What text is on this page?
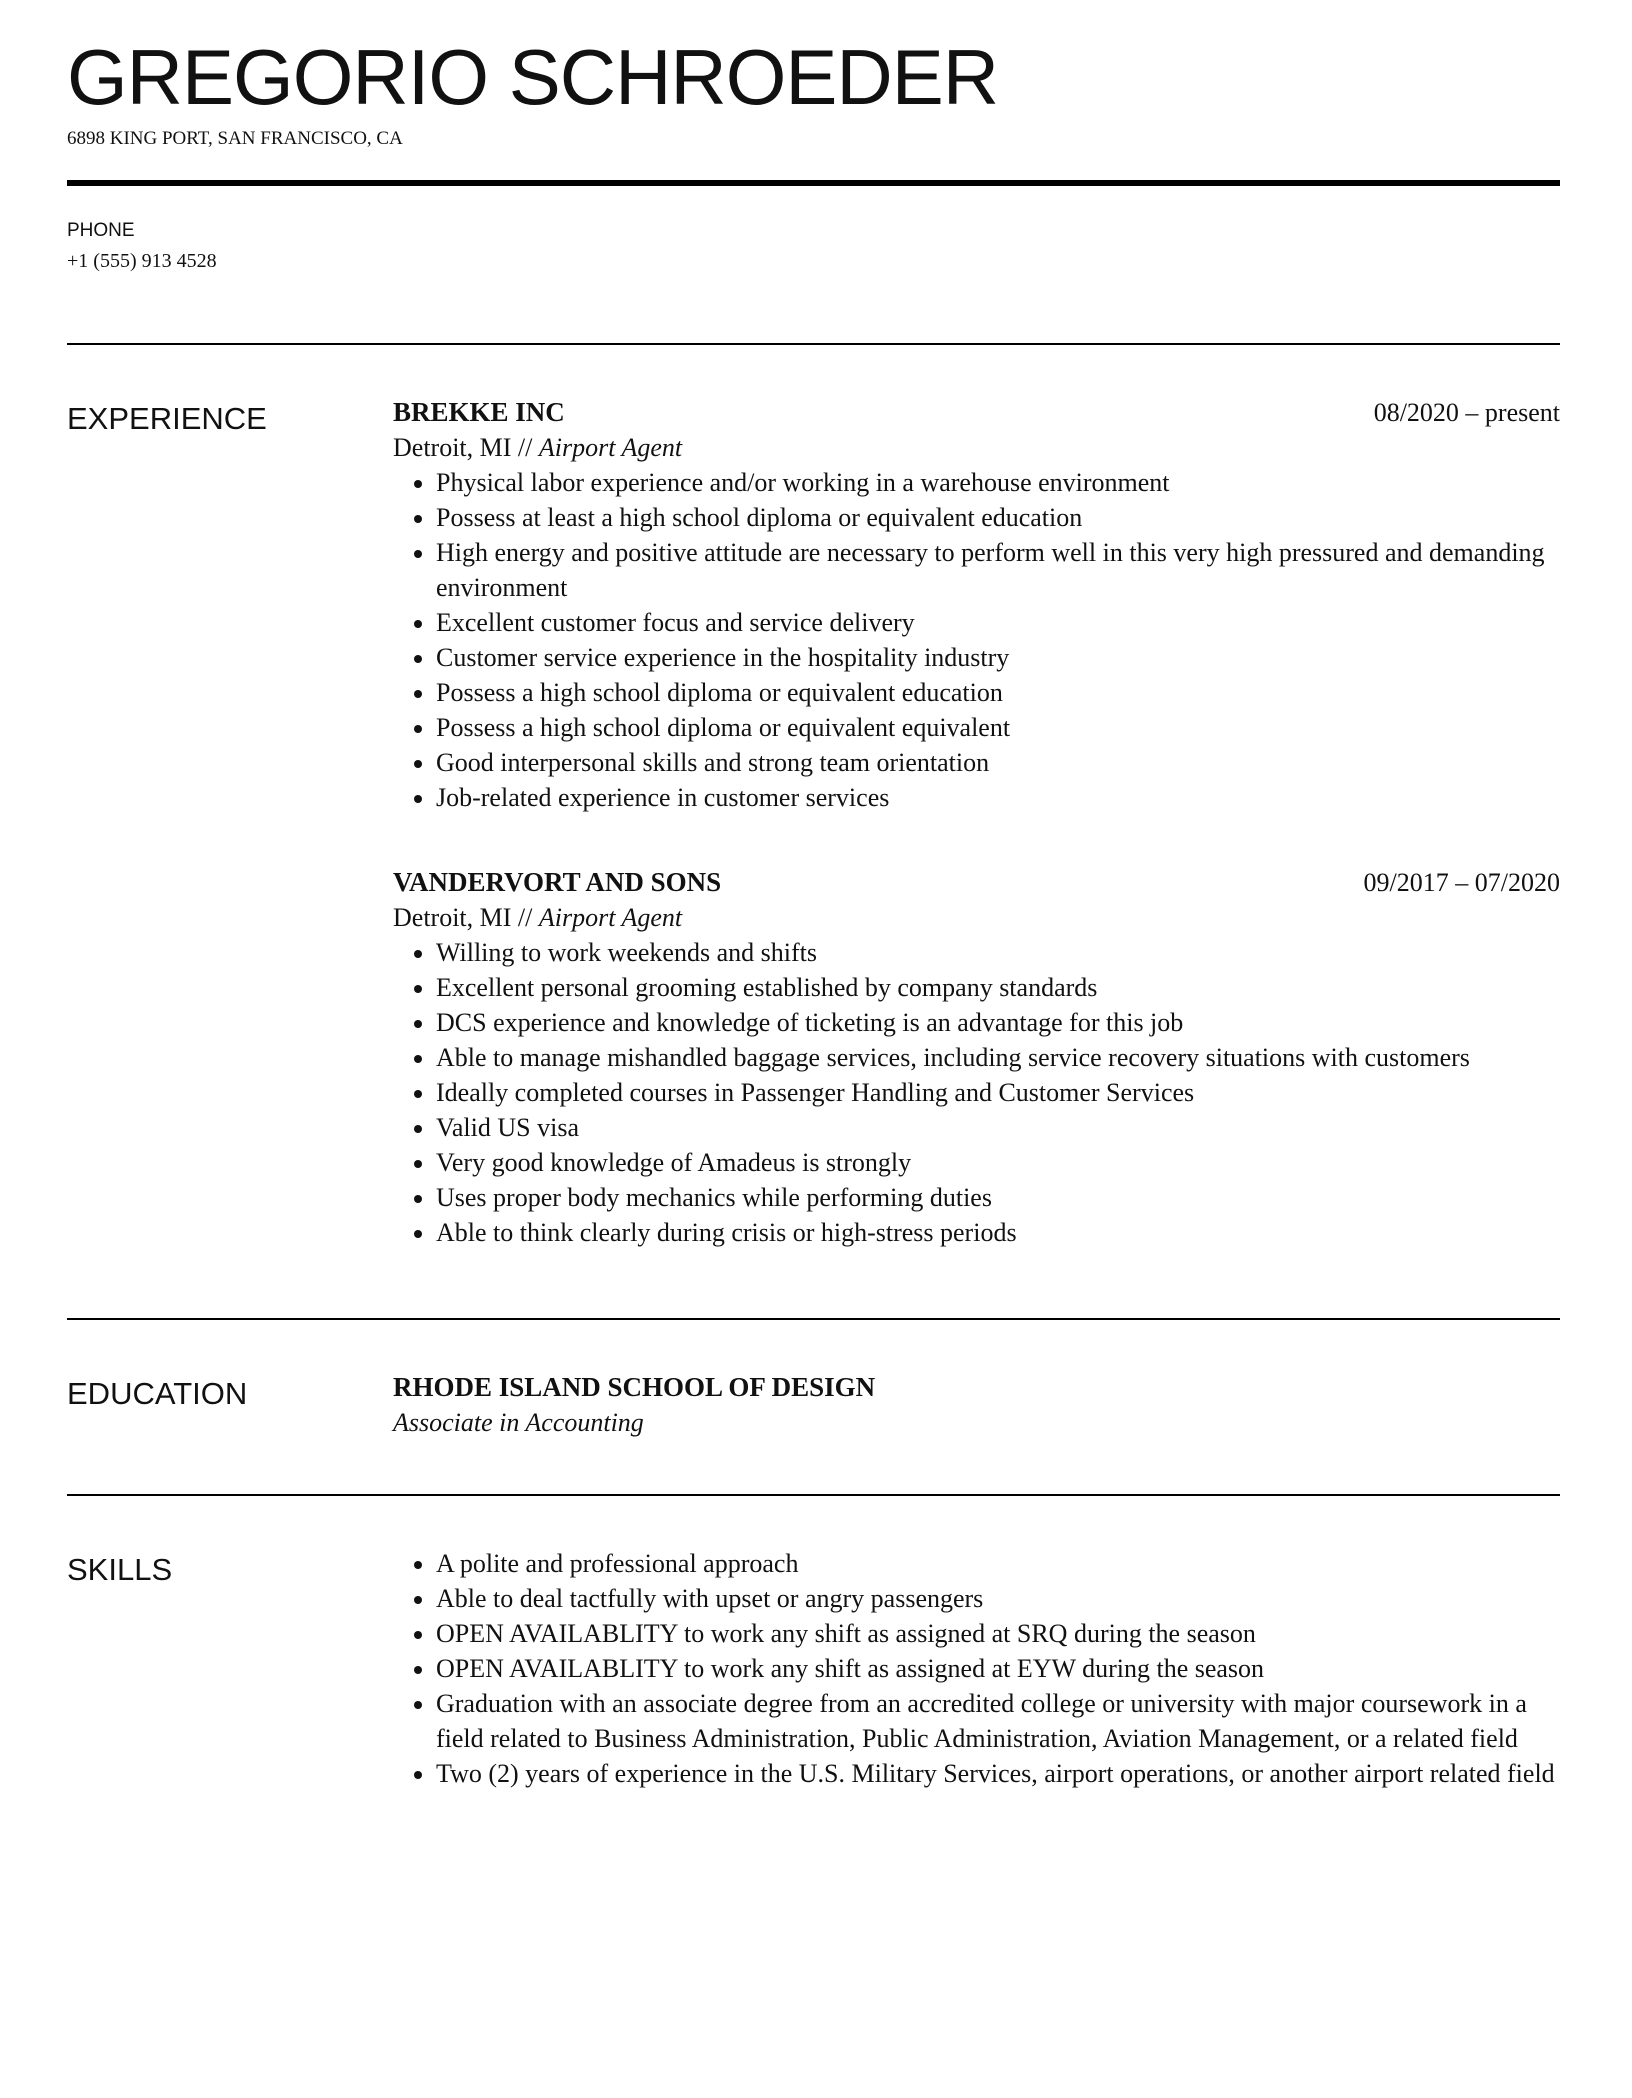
GREGORIO SCHROEDER
6898 KING PORT, SAN FRANCISCO, CA
PHONE
+1 (555) 913 4528
EXPERIENCE	BREKKE INC	08/2020 – present
Detroit, MI // Airport Agent
• Physical labor experience and/or working in a warehouse environment
• Possess at least a high school diploma or equivalent education
• High energy and positive attitude are necessary to perform well in this very high pressured and demanding environment
• Excellent customer focus and service delivery
• Customer service experience in the hospitality industry
• Possess a high school diploma or equivalent education
• Possess a high school diploma or equivalent equivalent
• Good interpersonal skills and strong team orientation
• Job-related experience in customer services
VANDERVORT AND SONS	09/2017 – 07/2020
Detroit, MI // Airport Agent
• Willing to work weekends and shifts
• Excellent personal grooming established by company standards
• DCS experience and knowledge of ticketing is an advantage for this job
• Able to manage mishandled baggage services, including service recovery situations with customers
• Ideally completed courses in Passenger Handling and Customer Services
• Valid US visa
• Very good knowledge of Amadeus is strongly
• Uses proper body mechanics while performing duties
• Able to think clearly during crisis or high-stress periods
EDUCATION	RHODE ISLAND SCHOOL OF DESIGN
Associate in Accounting
SKILLS	• A polite and professional approach
• Able to deal tactfully with upset or angry passengers
• OPEN AVAILABLITY to work any shift as assigned at SRQ during the season
• OPEN AVAILABLITY to work any shift as assigned at EYW during the season
• Graduation with an associate degree from an accredited college or university with major coursework in a field related to Business Administration, Public Administration, Aviation Management, or a related field
• Two (2) years of experience in the U.S. Military Services, airport operations, or another airport related field
